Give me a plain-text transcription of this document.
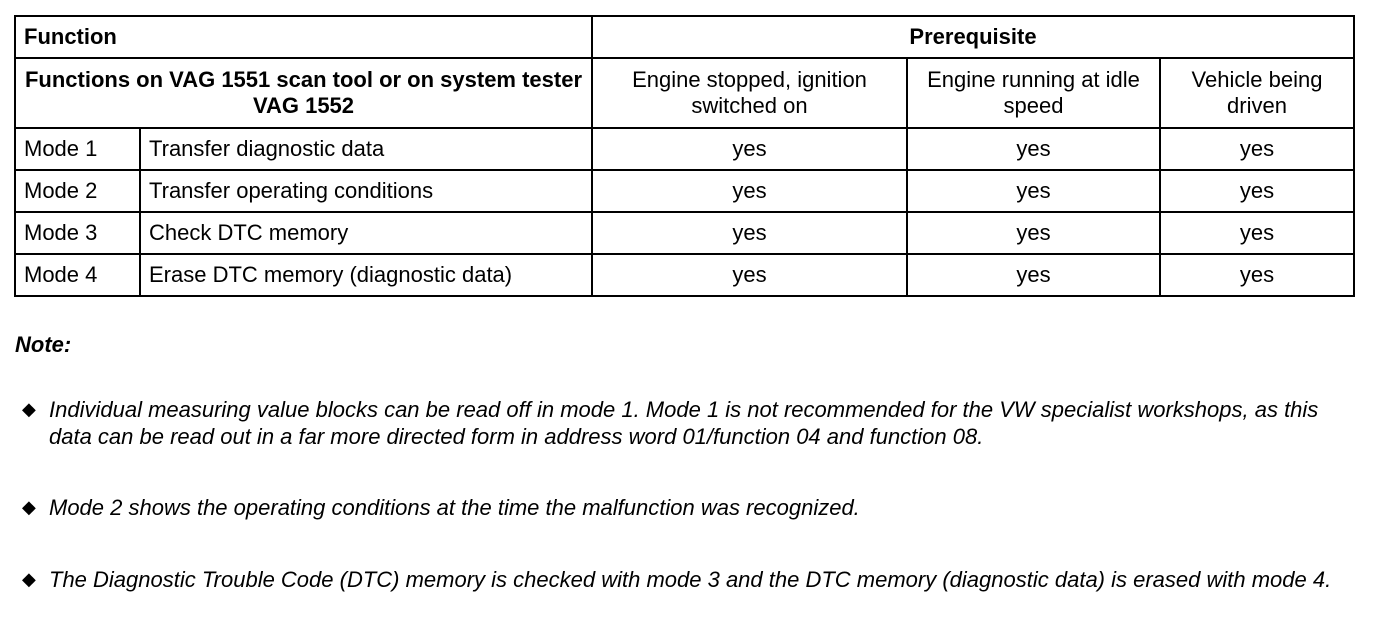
Function		Prerequisite		
Functions on VAG 1551 scan tool or on system tester VAG 1552		Engine stopped, ignition switched on	Engine running at idle speed	Vehicle being driven
Mode 1	Transfer diagnostic data	yes	yes	yes
Mode 2	Transfer operating conditions	yes	yes	yes
Mode 3	Check DTC memory	yes	yes	yes
Mode 4	Erase DTC memory (diagnostic data)	yes	yes	yes
Note:
◆ Individual measuring value blocks can be read off in mode 1. Mode 1 is not recommended for the VW specialist workshops, as this data can be read out in a far more directed form in address word 01/function 04 and function 08.
◆ Mode 2 shows the operating conditions at the time the malfunction was recognized.
◆ The Diagnostic Trouble Code (DTC) memory is checked with mode 3 and the DTC memory (diagnostic data) is erased with mode 4.
